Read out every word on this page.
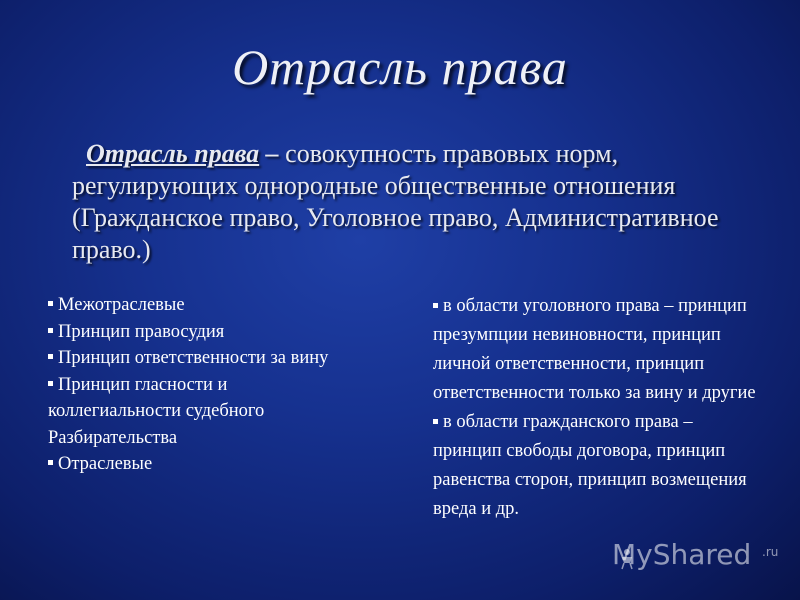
Отрасль права
Отрасль права – совокупность правовых норм, регулирующих однородные общественные отношения (Гражданское право, Уголовное право, Административное право.)
Межотраслевые
Принцип правосудия
Принцип ответственности за вину
Принцип гласности и коллегиальности судебного Разбирательства
Отраслевые
в области уголовного права – принцип презумпции невиновности, принцип личной ответственности, принцип ответственности только за вину и другие
в области гражданского права – принцип свободы договора, принцип равенства сторон, принцип возмещения вреда и др.
MyShared .ru
